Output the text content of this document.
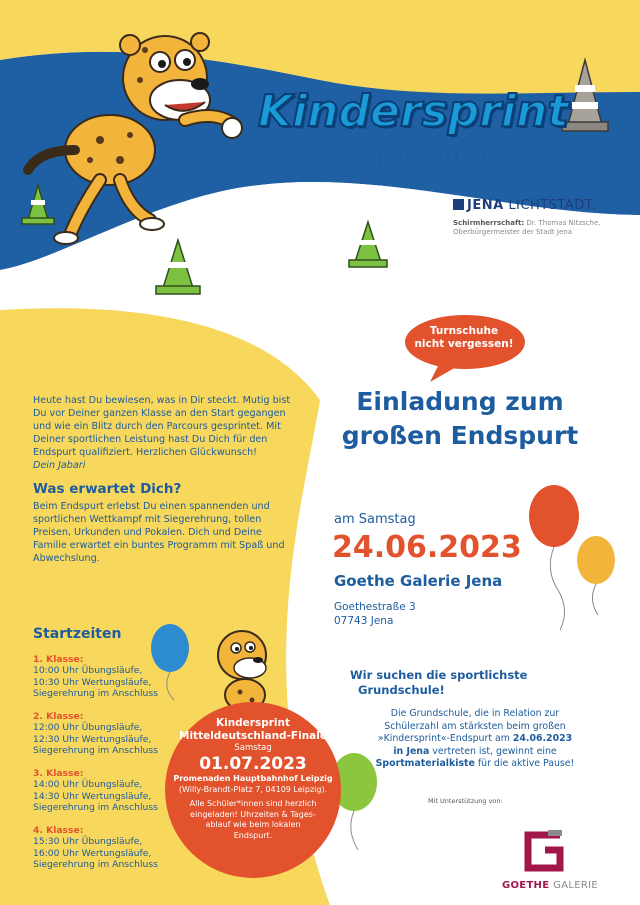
Kindersprint
Jena 2023
JENA LICHTSTADT.
Schirmherrschaft: Dr. Thomas Nitzsche, Oberbürgermeister der Stadt Jena
Turnschuhe
nicht vergessen!
Einladung zum
großen Endspurt
Heute hast Du bewiesen, was in Dir steckt. Mutig bist Du vor Deiner ganzen Klasse an den Start gegangen und wie ein Blitz durch den Parcours gesprintet. Mit Deiner sportlichen Leistung hast Du Dich für den Endspurt qualifiziert. Herzlichen Glückwunsch!
Dein Jabari
Was erwartet Dich?
Beim Endspurt erlebst Du einen spannenden und sportlichen Wettkampf mit Siegerehrung, tollen Preisen, Urkunden und Pokalen. Dich und Deine Familie erwartet ein buntes Programm mit Spaß und Abwechslung.
am Samstag
24.06.2023
Goethe Galerie Jena
Goethestraße 3
07743 Jena
Startzeiten
1. Klasse:
10:00 Uhr Übungsläufe,
10:30 Uhr Wertungsläufe,
Siegerehrung im Anschluss
2. Klasse:
12:00 Uhr Übungsläufe,
12:30 Uhr Wertungsläufe,
Siegerehrung im Anschluss
3. Klasse:
14:00 Uhr Übungsläufe,
14:30 Uhr Wertungsläufe,
Siegerehrung im Anschluss
4. Klasse:
15:30 Uhr Übungsläufe,
16:00 Uhr Wertungsläufe,
Siegerehrung im Anschluss
Kindersprint
Mitteldeutschland-Finale
Samstag
01.07.2023
Promenaden Hauptbahnhof Leipzig
(Willy-Brandt-Platz 7, 04109 Leipzig).
Alle Schüler*innen sind herzlich
eingeladen! Uhrzeiten & Tages-
ablauf wie beim lokalen
Endspurt.
Wir suchen die sportlichste
Grundschule!
Die Grundschule, die in Relation zur
Schülerzahl am stärksten beim großen
»Kindersprint«-Endspurt am 24.06.2023
in Jena vertreten ist, gewinnt eine
Sportmaterialkiste für die aktive Pause!
Mit Unterstützung von:
GOETHE GALERIE
